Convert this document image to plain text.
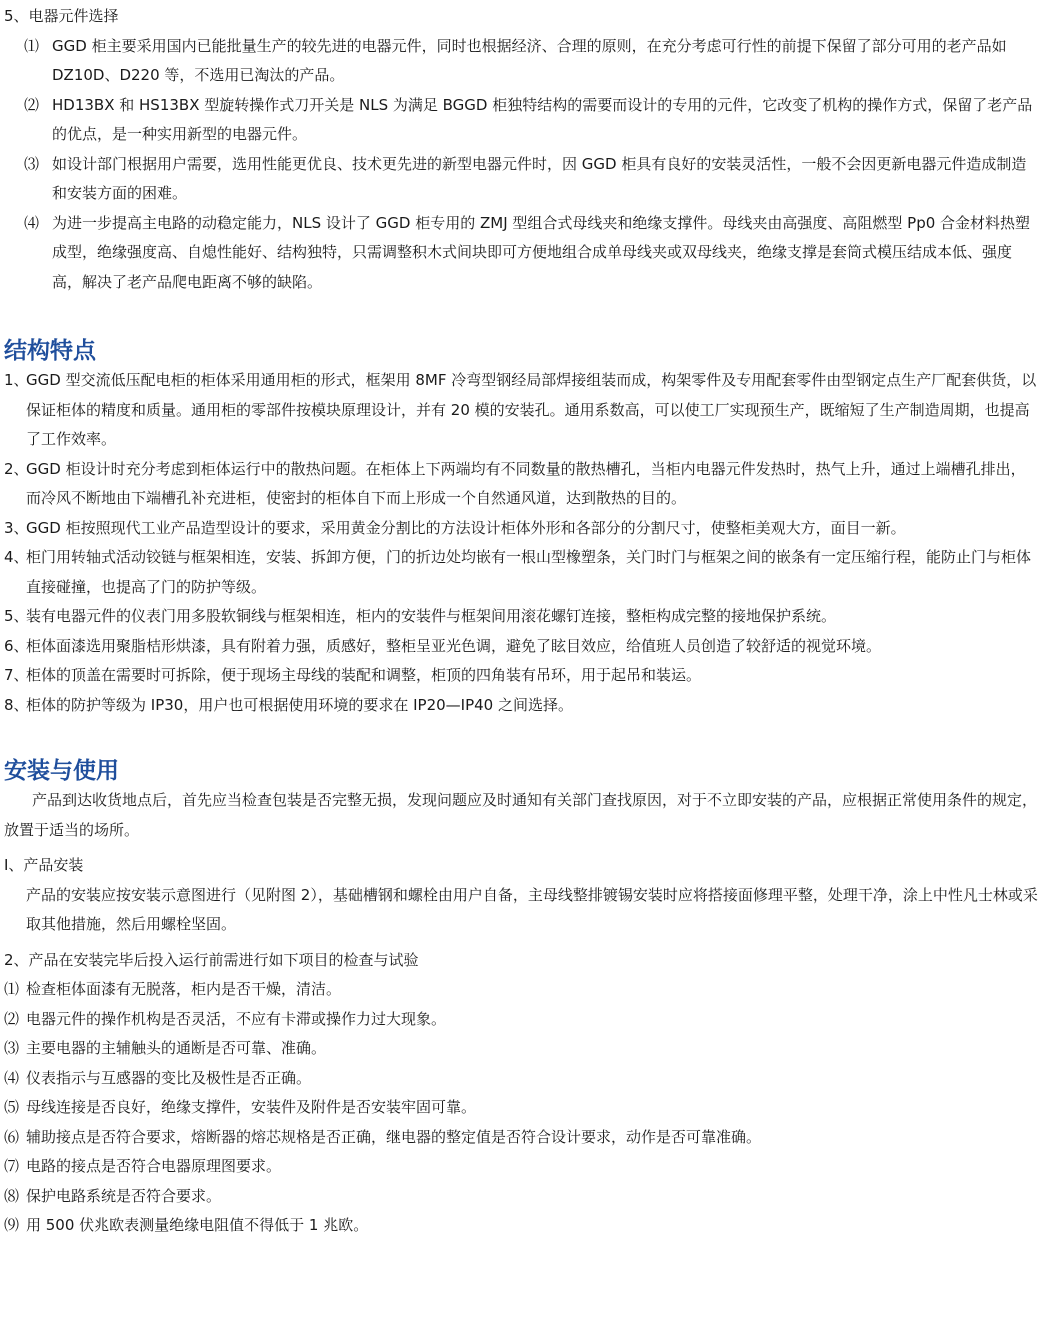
5、电器元件选择
⑴ GGD 柜主要采用国内已能批量生产的较先进的电器元件，同时也根据经济、合理的原则，在充分考虑可行性的前提下保留了部分可用的老产品如 DZ10D、D220 等，不选用已淘汰的产品。
⑵ HD13BX 和 HS13BX 型旋转操作式刀开关是 NLS 为满足 BGGD 柜独特结构的需要而设计的专用的元件，它改变了机构的操作方式，保留了老产品的优点，是一种实用新型的电器元件。
⑶ 如设计部门根据用户需要，选用性能更优良、技术更先进的新型电器元件时，因 GGD 柜具有良好的安装灵活性，一般不会因更新电器元件造成制造和安装方面的困难。
⑷ 为进一步提高主电路的动稳定能力，NLS 设计了 GGD 柜专用的 ZMJ 型组合式母线夹和绝缘支撑件。母线夹由高强度、高阻燃型 Pp0 合金材料热塑成型，绝缘强度高、自熄性能好、结构独特，只需调整积木式间块即可方便地组合成单母线夹或双母线夹，绝缘支撑是套筒式模压结成本低、强度高，解决了老产品爬电距离不够的缺陷。
结构特点
1、
GGD 型交流低压配电柜的柜体采用通用柜的形式，框架用 8MF 冷弯型钢经局部焊接组装而成，构架零件及专用配套零件由型钢定点生产厂配套供货，以保证柜体的精度和质量。通用柜的零部件按模块原理设计，并有 20 模的安装孔。通用系数高，可以使工厂实现预生产，既缩短了生产制造周期，也提高了工作效率。
2、
GGD 柜设计时充分考虑到柜体运行中的散热问题。在柜体上下两端均有不同数量的散热槽孔，当柜内电器元件发热时，热气上升，通过上端槽孔排出，而冷风不断地由下端槽孔补充进柜，使密封的柜体自下而上形成一个自然通风道，达到散热的目的。
3、
GGD 柜按照现代工业产品造型设计的要求，采用黄金分割比的方法设计柜体外形和各部分的分割尺寸，使整柜美观大方，面目一新。
4、
柜门用转轴式活动铰链与框架相连，安装、拆卸方便，门的折边处均嵌有一根山型橡塑条，关门时门与框架之间的嵌条有一定压缩行程，能防止门与柜体直接碰撞，也提高了门的防护等级。
5、
装有电器元件的仪表门用多股软铜线与框架相连，柜内的安装件与框架间用滚花螺钉连接，整柜构成完整的接地保护系统。
6、
柜体面漆选用聚脂桔形烘漆，具有附着力强，质感好，整柜呈亚光色调，避免了眩目效应，给值班人员创造了较舒适的视觉环境。
7、
柜体的顶盖在需要时可拆除，便于现场主母线的装配和调整，柜顶的四角装有吊环，用于起吊和装运。
8、
柜体的防护等级为 IP30，用户也可根据使用环境的要求在 IP20—IP40 之间选择。
安装与使用
产品到达收货地点后，首先应当检查包装是否完整无损，发现问题应及时通知有关部门查找原因，对于不立即安装的产品，应根据正常使用条件的规定，放置于适当的场所。
I、产品安装
产品的安装应按安装示意图进行（见附图 2），基础槽钢和螺栓由用户自备，主母线整排镀锡安装时应将搭接面修理平整，处理干净，涂上中性凡士林或采取其他措施，然后用螺栓坚固。
2、产品在安装完毕后投入运行前需进行如下项目的检查与试验
⑴ 检查柜体面漆有无脱落，柜内是否干燥，清洁。
⑵ 电器元件的操作机构是否灵活，不应有卡滞或操作力过大现象。
⑶ 主要电器的主辅触头的通断是否可靠、准确。
⑷ 仪表指示与互感器的变比及极性是否正确。
⑸ 母线连接是否良好，绝缘支撑件，安装件及附件是否安装牢固可靠。
⑹ 辅助接点是否符合要求，熔断器的熔芯规格是否正确，继电器的整定值是否符合设计要求，动作是否可靠准确。
⑺ 电路的接点是否符合电器原理图要求。
⑻ 保护电路系统是否符合要求。
⑼ 用 500 伏兆欧表测量绝缘电阻值不得低于 1 兆欧。
